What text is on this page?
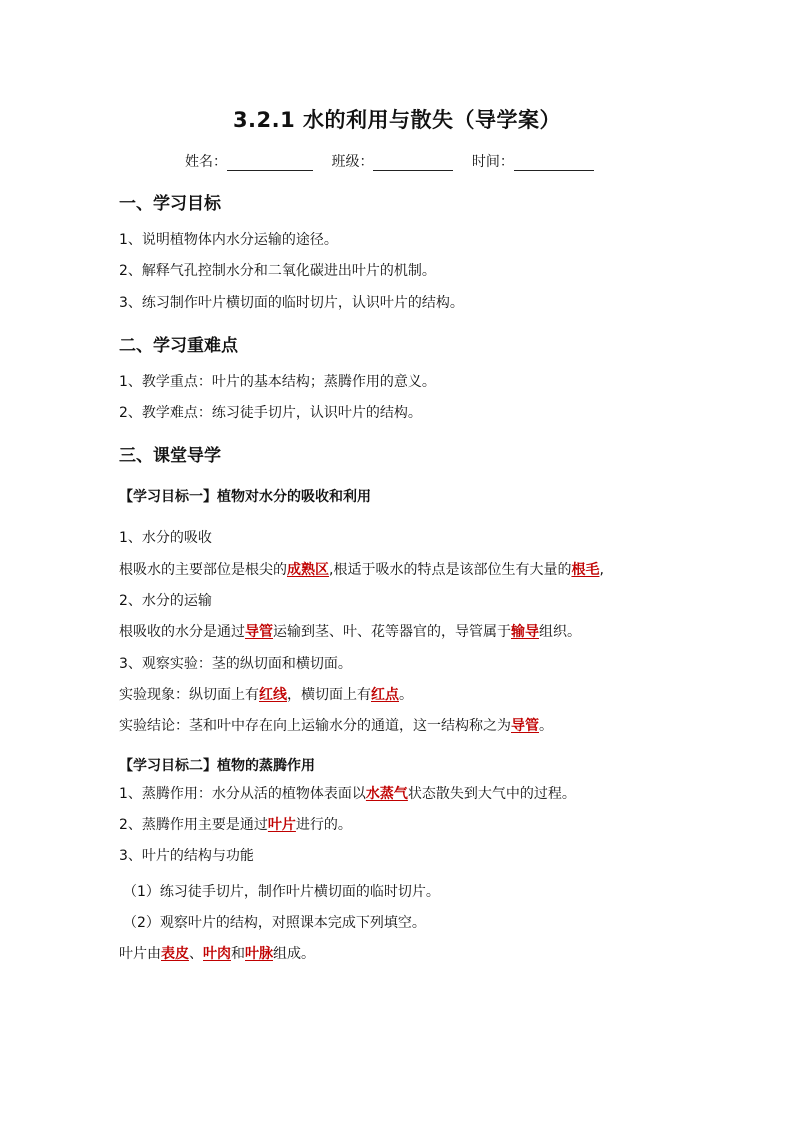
3.2.1 水的利用与散失（导学案）
姓名：	班级：	时间：
一、学习目标
1、说明植物体内水分运输的途径。
2、解释气孔控制水分和二氧化碳进出叶片的机制。
3、练习制作叶片横切面的临时切片，认识叶片的结构。
二、学习重难点
1、教学重点：叶片的基本结构；蒸腾作用的意义。
2、教学难点：练习徒手切片，认识叶片的结构。
三、课堂导学
【学习目标一】植物对水分的吸收和利用
1、水分的吸收
根吸水的主要部位是根尖的成熟区,根适于吸水的特点是该部位生有大量的根毛,
2、水分的运输
根吸收的水分是通过导管运输到茎、叶、花等器官的，导管属于输导组织。
3、观察实验：茎的纵切面和横切面。
实验现象：纵切面上有红线，横切面上有红点。
实验结论：茎和叶中存在向上运输水分的通道，这一结构称之为导管。
【学习目标二】植物的蒸腾作用
1、蒸腾作用：水分从活的植物体表面以水蒸气状态散失到大气中的过程。
2、蒸腾作用主要是通过叶片进行的。
3、叶片的结构与功能
（1）练习徒手切片，制作叶片横切面的临时切片。
（2）观察叶片的结构，对照课本完成下列填空。
叶片由表皮、叶肉和叶脉组成。
